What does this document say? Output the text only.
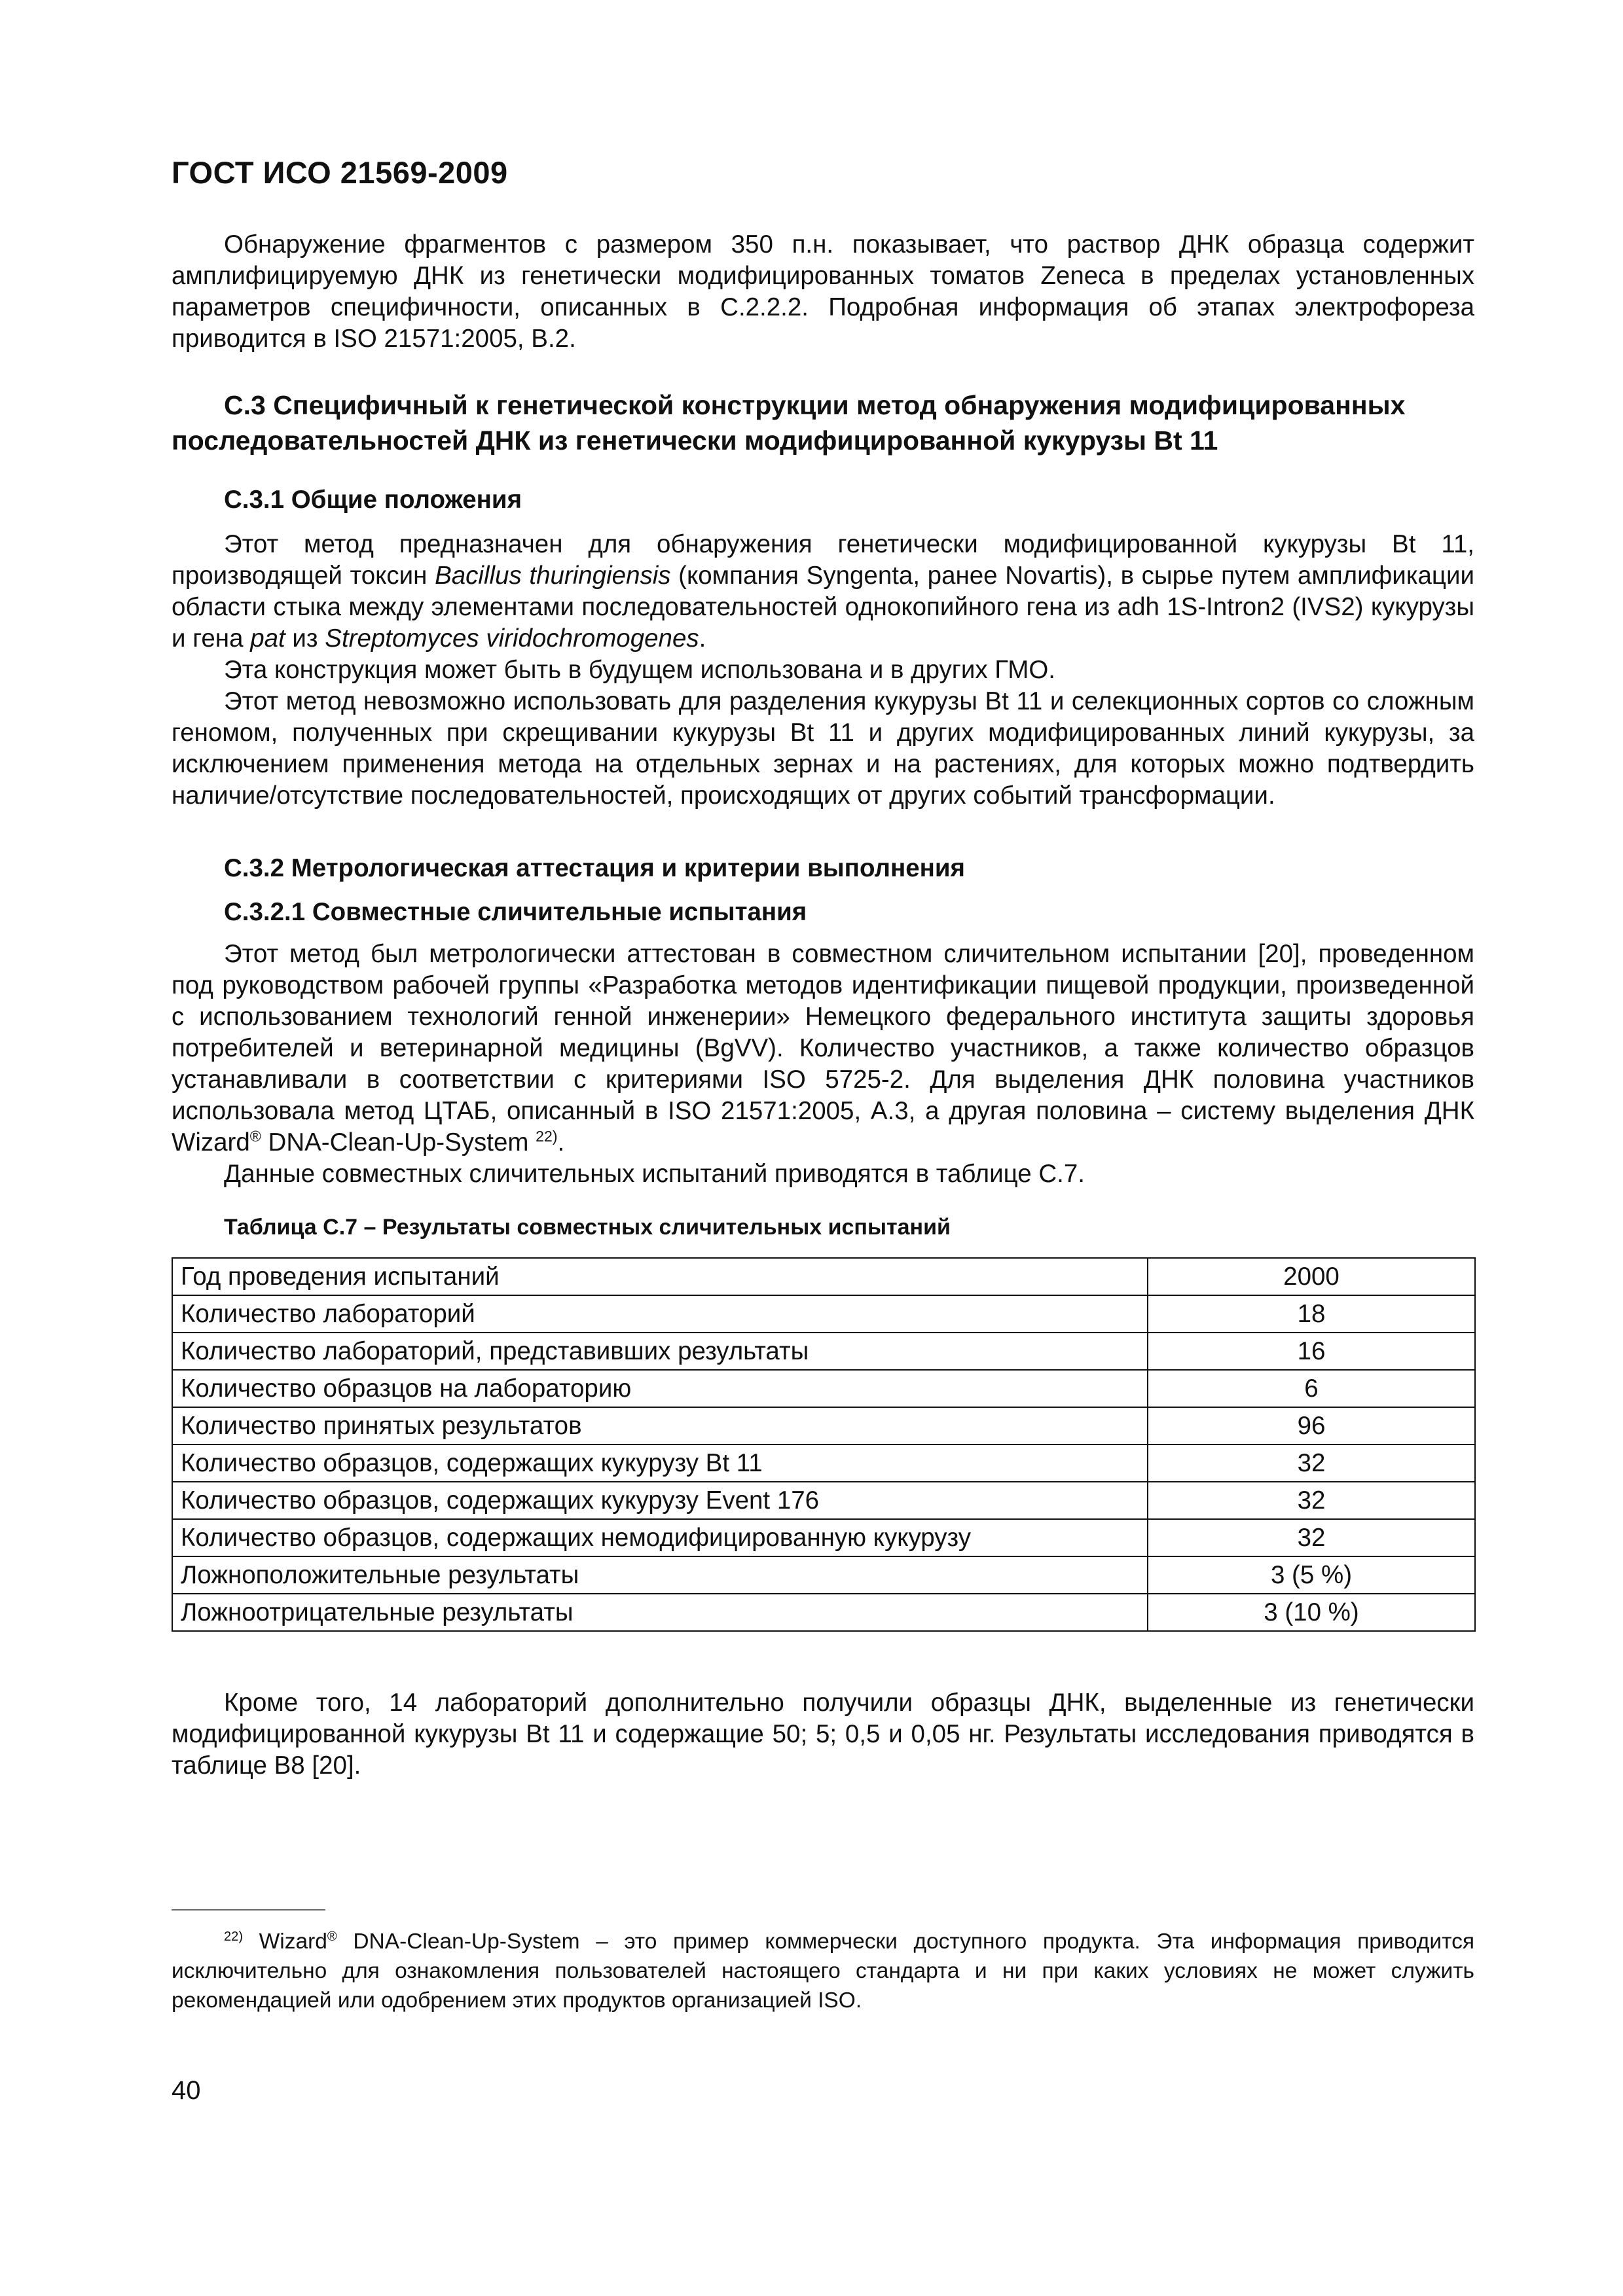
ГОСТ ИСО 21569-2009

Обнаружение фрагментов с размером 350 п.н. показывает, что раствор ДНК образца содержит амплифицируемую ДНК из генетически модифицированных томатов Zeneca в пределах установленных параметров специфичности, описанных в С.2.2.2. Подробная информация об этапах электрофореза приводится в ISO 21571:2005, В.2.

С.3 Специфичный к генетической конструкции метод обнаружения модифицированных последовательностей ДНК из генетически модифицированной кукурузы Bt 11
С.3.1 Общие положения

Этот метод предназначен для обнаружения генетически модифицированной кукурузы Bt 11, производящей токсин Bacillus thuringiensis (компания Syngenta, ранее Novartis), в сырье путем амплификации области стыка между элементами последовательностей однокопийного гена из adh 1S-Intron2 (IVS2) кукурузы и гена pat из Streptomyces viridochromogenes.

Эта конструкция может быть в будущем использована и в других ГМО.

Этот метод невозможно использовать для разделения кукурузы Bt 11 и селекционных сортов со сложным геномом, полученных при скрещивании кукурузы Bt 11 и других модифицированных линий кукурузы, за исключением применения метода на отдельных зернах и на растениях, для которых можно подтвердить наличие/отсутствие последовательностей, происходящих от других событий трансформации.

С.3.2 Метрологическая аттестация и критерии выполнения
С.3.2.1 Совместные сличительные испытания

Этот метод был метрологически аттестован в совместном сличительном испытании [20], проведенном под руководством рабочей группы «Разработка методов идентификации пищевой продукции, произведенной с использованием технологий генной инженерии» Немецкого федерального института защиты здоровья потребителей и ветеринарной медицины (BgVV). Количество участников, а также количество образцов устанавливали в соответствии с критериями ISO 5725-2. Для выделения ДНК половина участников использовала метод ЦТАБ, описанный в ISO 21571:2005, А.3, а другая половина – систему выделения ДНК Wizard® DNA-Clean-Up-System $^{22)}$.

Данные совместных сличительных испытаний приводятся в таблице С.7.

Таблица С.7 – Результаты совместных сличительных испытаний
Год проведения испытаний	2000
Количество лабораторий	18
Количество лабораторий, представивших результаты	16
Количество образцов на лабораторию	6
Количество принятых результатов	96
Количество образцов, содержащих кукурузу Bt 11	32
Количество образцов, содержащих кукурузу Event 176	32
Количество образцов, содержащих немодифицированную кукурузу	32
Ложноположительные результаты	3 (5 %)
Ложноотрицательные результаты	3 (10 %)

Кроме того, 14 лабораторий дополнительно получили образцы ДНК, выделенные из генетически модифицированной кукурузы Bt 11 и содержащие 50; 5; 0,5 и 0,05 нг. Результаты исследования приводятся в таблице В8 [20].

$^{22)}$ Wizard® DNA-Clean-Up-System – это пример коммерчески доступного продукта. Эта информация приводится исключительно для ознакомления пользователей настоящего стандарта и ни при каких условиях не может служить рекомендацией или одобрением этих продуктов организацией ISO.
40
